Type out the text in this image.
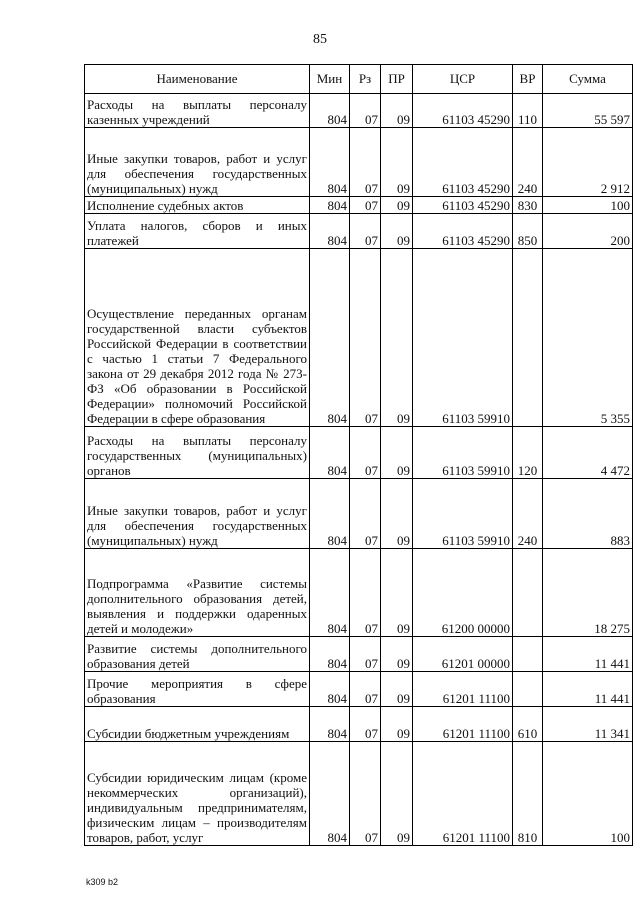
85
Наименование	Мин	Рз	ПР	ЦСР	ВР	Сумма
Расходы на выплаты персоналу казенных учреждений	804	07	09	61103 45290	110	55 597
Иные закупки товаров, работ и услуг для обеспечения государственных (муниципальных) нужд	804	07	09	61103 45290	240	2 912
Исполнение судебных актов	804	07	09	61103 45290	830	100
Уплата налогов, сборов и иных платежей	804	07	09	61103 45290	850	200
Осуществление переданных органам государственной власти субъектов Российской Федерации в соответствии с частью 1 статьи 7 Федерального закона от 29 декабря 2012 года № 273-ФЗ «Об образовании в Российской Федерации» полномочий Российской Федерации в сфере образования	804	07	09	61103 59910		5 355
Расходы на выплаты персоналу государственных (муниципальных) органов	804	07	09	61103 59910	120	4 472
Иные закупки товаров, работ и услуг для обеспечения государственных (муниципальных) нужд	804	07	09	61103 59910	240	883
Подпрограмма «Развитие системы дополнительного образования детей, выявления и поддержки одаренных детей и молодежи»	804	07	09	61200 00000		18 275
Развитие системы дополнительного образования детей	804	07	09	61201 00000		11 441
Прочие мероприятия в сфере образования	804	07	09	61201 11100		11 441
Субсидии бюджетным учреждениям	804	07	09	61201 11100	610	11 341
Субсидии юридическим лицам (кроме некоммерческих организаций), индивидуальным предпринимателям, физическим лицам – производителям товаров, работ, услуг	804	07	09	61201 11100	810	100
k309 b2
